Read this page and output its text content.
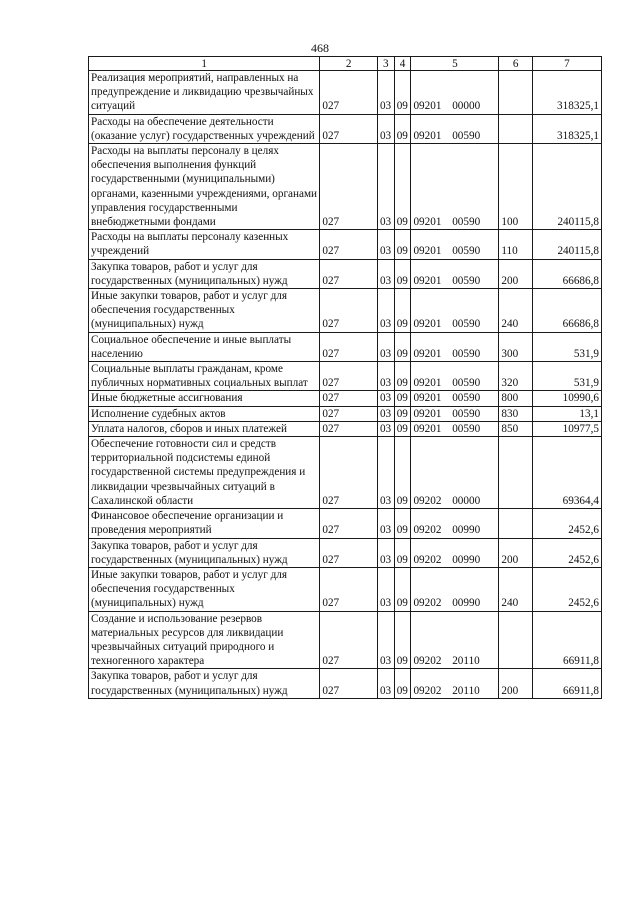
468
1	2	3	4	5	6	7
Реализация мероприятий, направленных на предупреждение и ликвидацию чрезвычайных ситуаций	027	03	09	09201 00000		318325,1
Расходы на обеспечение деятельности (оказание услуг) государственных учреждений	027	03	09	09201 00590		318325,1
Расходы на выплаты персоналу в целях обеспечения выполнения функций государственными (муниципальными) органами, казенными учреждениями, органами управления государственными внебюджетными фондами	027	03	09	09201 00590	100	240115,8
Расходы на выплаты персоналу казенных учреждений	027	03	09	09201 00590	110	240115,8
Закупка товаров, работ и услуг для государственных (муниципальных) нужд	027	03	09	09201 00590	200	66686,8
Иные закупки товаров, работ и услуг для обеспечения государственных (муниципальных) нужд	027	03	09	09201 00590	240	66686,8
Социальное обеспечение и иные выплаты населению	027	03	09	09201 00590	300	531,9
Социальные выплаты гражданам, кроме публичных нормативных социальных выплат	027	03	09	09201 00590	320	531,9
Иные бюджетные ассигнования	027	03	09	09201 00590	800	10990,6
Исполнение судебных актов	027	03	09	09201 00590	830	13,1
Уплата налогов, сборов и иных платежей	027	03	09	09201 00590	850	10977,5
Обеспечение готовности сил и средств территориальной подсистемы единой государственной системы предупреждения и ликвидации чрезвычайных ситуаций в Сахалинской области	027	03	09	09202 00000		69364,4
Финансовое обеспечение организации и проведения мероприятий	027	03	09	09202 00990		2452,6
Закупка товаров, работ и услуг для государственных (муниципальных) нужд	027	03	09	09202 00990	200	2452,6
Иные закупки товаров, работ и услуг для обеспечения государственных (муниципальных) нужд	027	03	09	09202 00990	240	2452,6
Создание и использование резервов материальных ресурсов для ликвидации чрезвычайных ситуаций природного и техногенного характера	027	03	09	09202 20110		66911,8
Закупка товаров, работ и услуг для государственных (муниципальных) нужд	027	03	09	09202 20110	200	66911,8
